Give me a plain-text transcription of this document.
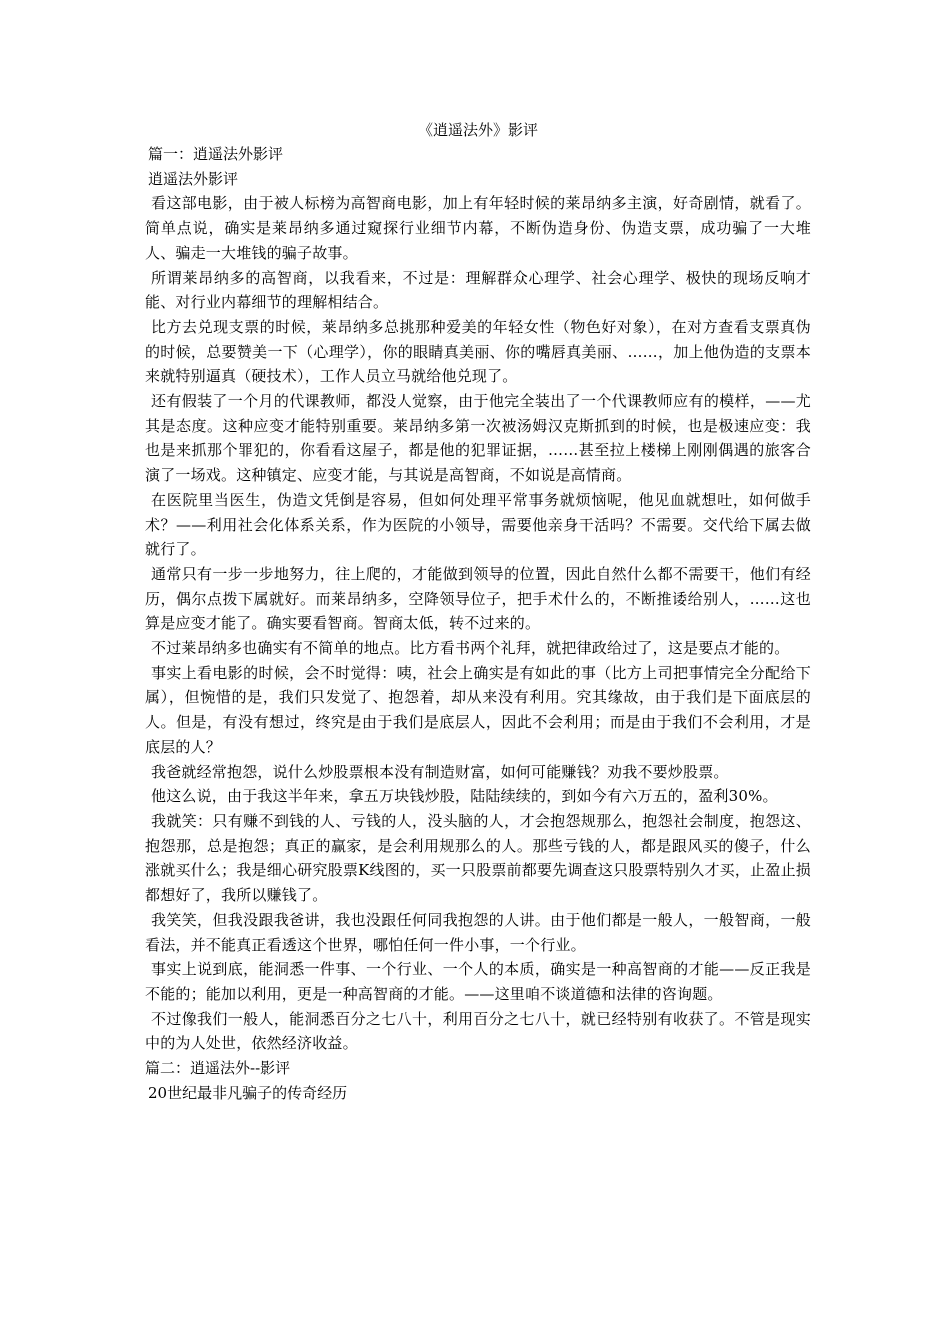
《逍遥法外》影评
篇一：逍遥法外影评
逍遥法外影评
看这部电影，由于被人标榜为高智商电影，加上有年轻时候的莱昂纳多主演，好奇剧情，就看了。简单点说，确实是莱昂纳多通过窥探行业细节内幕，不断伪造身份、伪造支票，成功骗了一大堆人、骗走一大堆钱的骗子故事。
所谓莱昂纳多的高智商，以我看来，不过是：理解群众心理学、社会心理学、极快的现场反响才能、对行业内幕细节的理解相结合。
比方去兑现支票的时候，莱昂纳多总挑那种爱美的年轻女性（物色好对象），在对方查看支票真伪的时候，总要赞美一下（心理学），你的眼睛真美丽、你的嘴唇真美丽、……，加上他伪造的支票本来就特别逼真（硬技术），工作人员立马就给他兑现了。
还有假装了一个月的代课教师，都没人觉察，由于他完全装出了一个代课教师应有的模样，——尤其是态度。这种应变才能特别重要。莱昂纳多第一次被汤姆汉克斯抓到的时候，也是极速应变：我也是来抓那个罪犯的，你看看这屋子，都是他的犯罪证据，……甚至拉上楼梯上刚刚偶遇的旅客合演了一场戏。这种镇定、应变才能，与其说是高智商，不如说是高情商。
在医院里当医生，伪造文凭倒是容易，但如何处理平常事务就烦恼呢，他见血就想吐，如何做手术？——利用社会化体系关系，作为医院的小领导，需要他亲身干活吗？不需要。交代给下属去做就行了。
通常只有一步一步地努力，往上爬的，才能做到领导的位置，因此自然什么都不需要干，他们有经历，偶尔点拨下属就好。而莱昂纳多，空降领导位子，把手术什么的，不断推诿给别人，……这也算是应变才能了。确实要看智商。智商太低，转不过来的。
不过莱昂纳多也确实有不简单的地点。比方看书两个礼拜，就把律政给过了，这是要点才能的。
事实上看电影的时候，会不时觉得：咦，社会上确实是有如此的事（比方上司把事情完全分配给下属），但惋惜的是，我们只发觉了、抱怨着，却从来没有利用。究其缘故，由于我们是下面底层的人。但是，有没有想过，终究是由于我们是底层人，因此不会利用；而是由于我们不会利用，才是底层的人？
我爸就经常抱怨，说什么炒股票根本没有制造财富，如何可能赚钱？劝我不要炒股票。
他这么说，由于我这半年来，拿五万块钱炒股，陆陆续续的，到如今有六万五的，盈利30%。
我就笑：只有赚不到钱的人、亏钱的人，没头脑的人，才会抱怨规那么，抱怨社会制度，抱怨这、抱怨那，总是抱怨；真正的赢家，是会利用规那么的人。那些亏钱的人，都是跟风买的傻子，什么涨就买什么；我是细心研究股票K线图的，买一只股票前都要先调查这只股票特别久才买，止盈止损都想好了，我所以赚钱了。
我笑笑，但我没跟我爸讲，我也没跟任何同我抱怨的人讲。由于他们都是一般人，一般智商，一般看法，并不能真正看透这个世界，哪怕任何一件小事，一个行业。
事实上说到底，能洞悉一件事、一个行业、一个人的本质，确实是一种高智商的才能——反正我是不能的；能加以利用，更是一种高智商的才能。——这里咱不谈道德和法律的咨询题。
不过像我们一般人，能洞悉百分之七八十，利用百分之七八十，就已经特别有收获了。不管是现实中的为人处世，依然经济收益。
篇二：逍遥法外--影评
20世纪最非凡骗子的传奇经历
